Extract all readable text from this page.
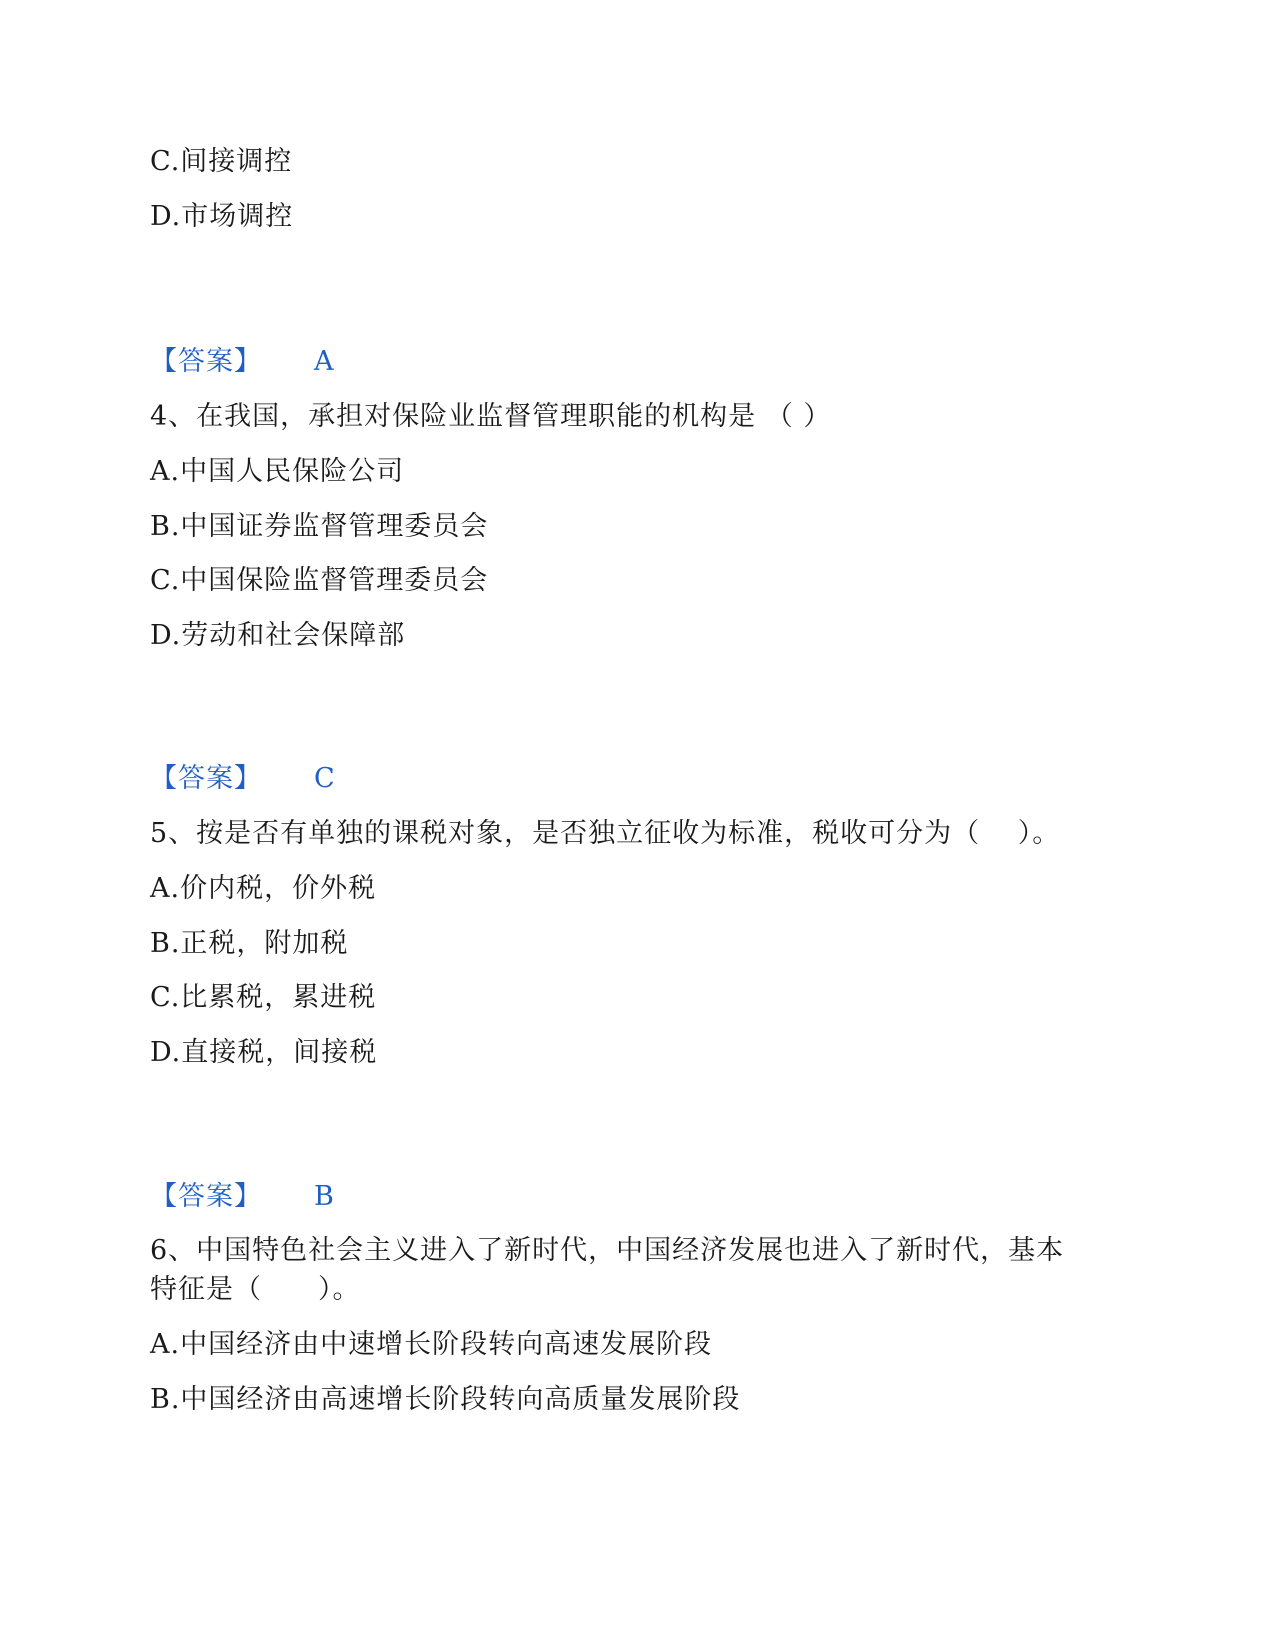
C.间接调控
D.市场调控
【答案】 A
4、在我国，承担对保险业监督管理职能的机构是 （ ）
A.中国人民保险公司
B.中国证券监督管理委员会
C.中国保险监督管理委员会
D.劳动和社会保障部
【答案】 C
5、按是否有单独的课税对象，是否独立征收为标准，税收可分为（　 ）。
A.价内税，价外税
B.正税，附加税
C.比累税，累进税
D.直接税，间接税
【答案】 B
6、中国特色社会主义进入了新时代，中国经济发展也进入了新时代，基本
特征是（　　）。
A.中国经济由中速增长阶段转向高速发展阶段
B.中国经济由高速增长阶段转向高质量发展阶段
